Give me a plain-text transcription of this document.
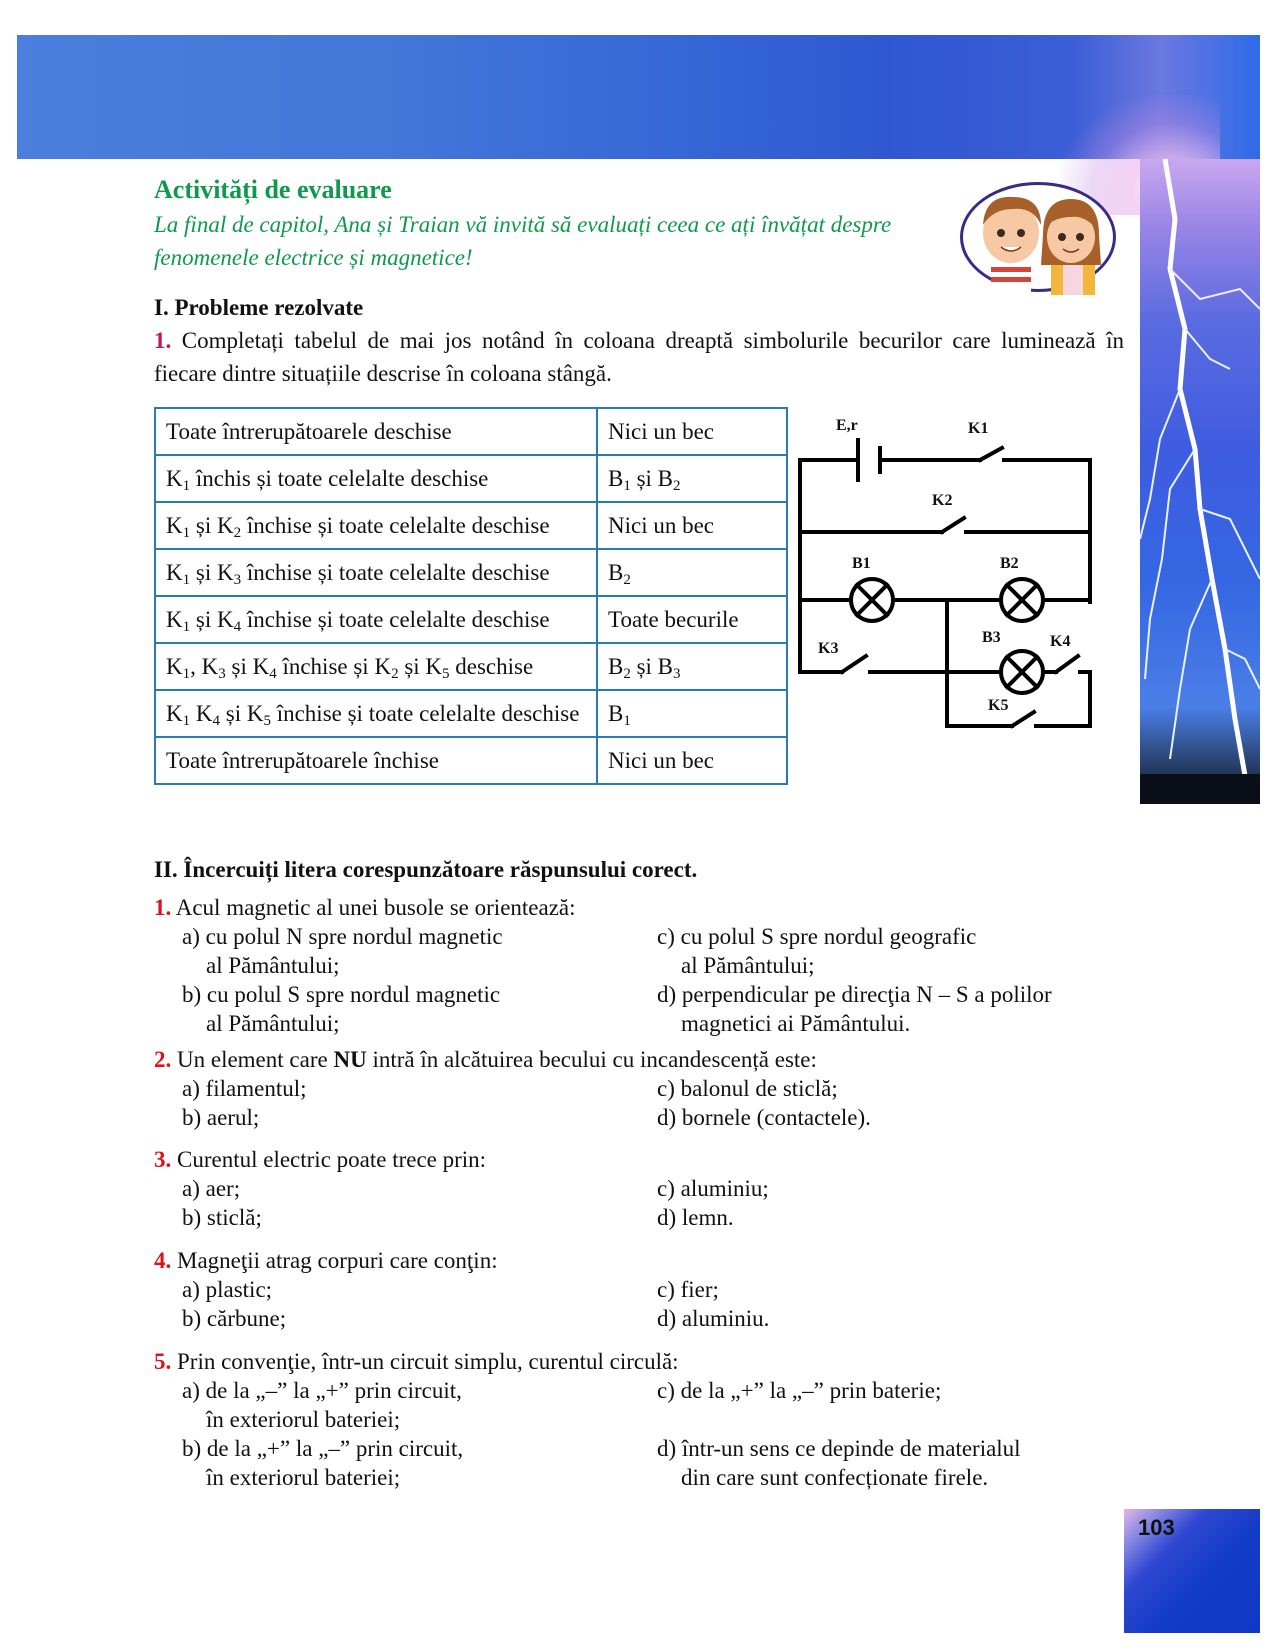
Activități de evaluare
La final de capitol, Ana și Traian vă invită să evaluați ceea ce ați învățat despre fenomenele electrice și magnetice!
I. Probleme rezolvate
1. Completați tabelul de mai jos notând în coloana dreaptă simbolurile becurilor care luminează în fiecare dintre situațiile descrise în coloana stângă.
Toate întrerupătoarele deschise	Nici un bec
$K_1$ închis și toate celelalte deschise	$B_1$ și $B_2$
$K_1$ și $K_2$ închise și toate celelalte deschise	Nici un bec
$K_1$ și $K_3$ închise și toate celelalte deschise	$B_2$
$K_1$ și $K_4$ închise și toate celelalte deschise	Toate becurile
$K_1$, $K_3$ și $K_4$ închise și $K_2$ și $K_5$ deschise	$B_2$ și $B_3$
$K_1$ $K_4$ și $K_5$ închise și toate celelalte deschise	$B_1$
Toate întrerupătoarele închise	Nici un bec
E,r	K1
K2
B1	B2
K3
B3	K4
K5
II. Încercuiți litera corespunzătoare răspunsului corect.
1. Acul magnetic al unei busole se orientează:
a) cu polul N spre nordul magnetic
al Pământului;
c) cu polul S spre nordul geografic
al Pământului;
b) cu polul S spre nordul magnetic
al Pământului;
d) perpendicular pe direcţia N – S a polilor
magnetici ai Pământului.
2. Un element care NU intră în alcătuirea becului cu incandescență este:
a) filamentul;	c) balonul de sticlă;
b) aerul;	d) bornele (contactele).
3. Curentul electric poate trece prin:
a) aer;	c) aluminiu;
b) sticlă;	d) lemn.
4. Magneţii atrag corpuri care conţin:
a) plastic;	c) fier;
b) cărbune;	d) aluminiu.
5. Prin convenţie, într-un circuit simplu, curentul circulă:
a) de la „–” la „+” prin circuit,
în exteriorul bateriei;
c) de la „+” la „–” prin baterie;
b) de la „+” la „–” prin circuit,
în exteriorul bateriei;
d) într-un sens ce depinde de materialul
din care sunt confecționate firele.
103
